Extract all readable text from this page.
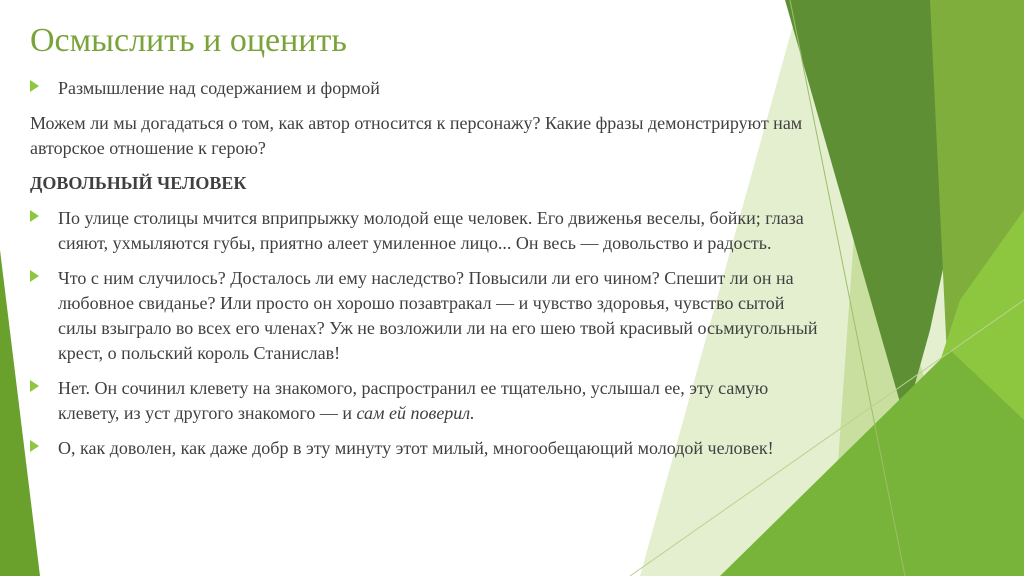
Осмыслить и оценить
Размышление над содержанием и формой
Можем ли мы догадаться о том, как автор относится к персонажу? Какие фразы демонстрируют нам авторское отношение к герою?
ДОВОЛЬНЫЙ ЧЕЛОВЕК
По улице столицы мчится вприпрыжку молодой еще человек. Его движенья веселы, бойки; глаза сияют, ухмыляются губы, приятно алеет умиленное лицо... Он весь — довольство и радость.
Что с ним случилось? Досталось ли ему наследство? Повысили ли его чином? Спешит ли он на любовное свиданье? Или просто он хорошо позавтракал — и чувство здоровья, чувство сытой силы взыграло во всех его членах? Уж не возложили ли на его шею твой красивый осьмиугольный крест, о польский король Станислав!
Нет. Он сочинил клевету на знакомого, распространил ее тщательно, услышал ее, эту самую клевету, из уст другого знакомого — и сам ей поверил.
О, как доволен, как даже добр в эту минуту этот милый, многообещающий молодой человек!
